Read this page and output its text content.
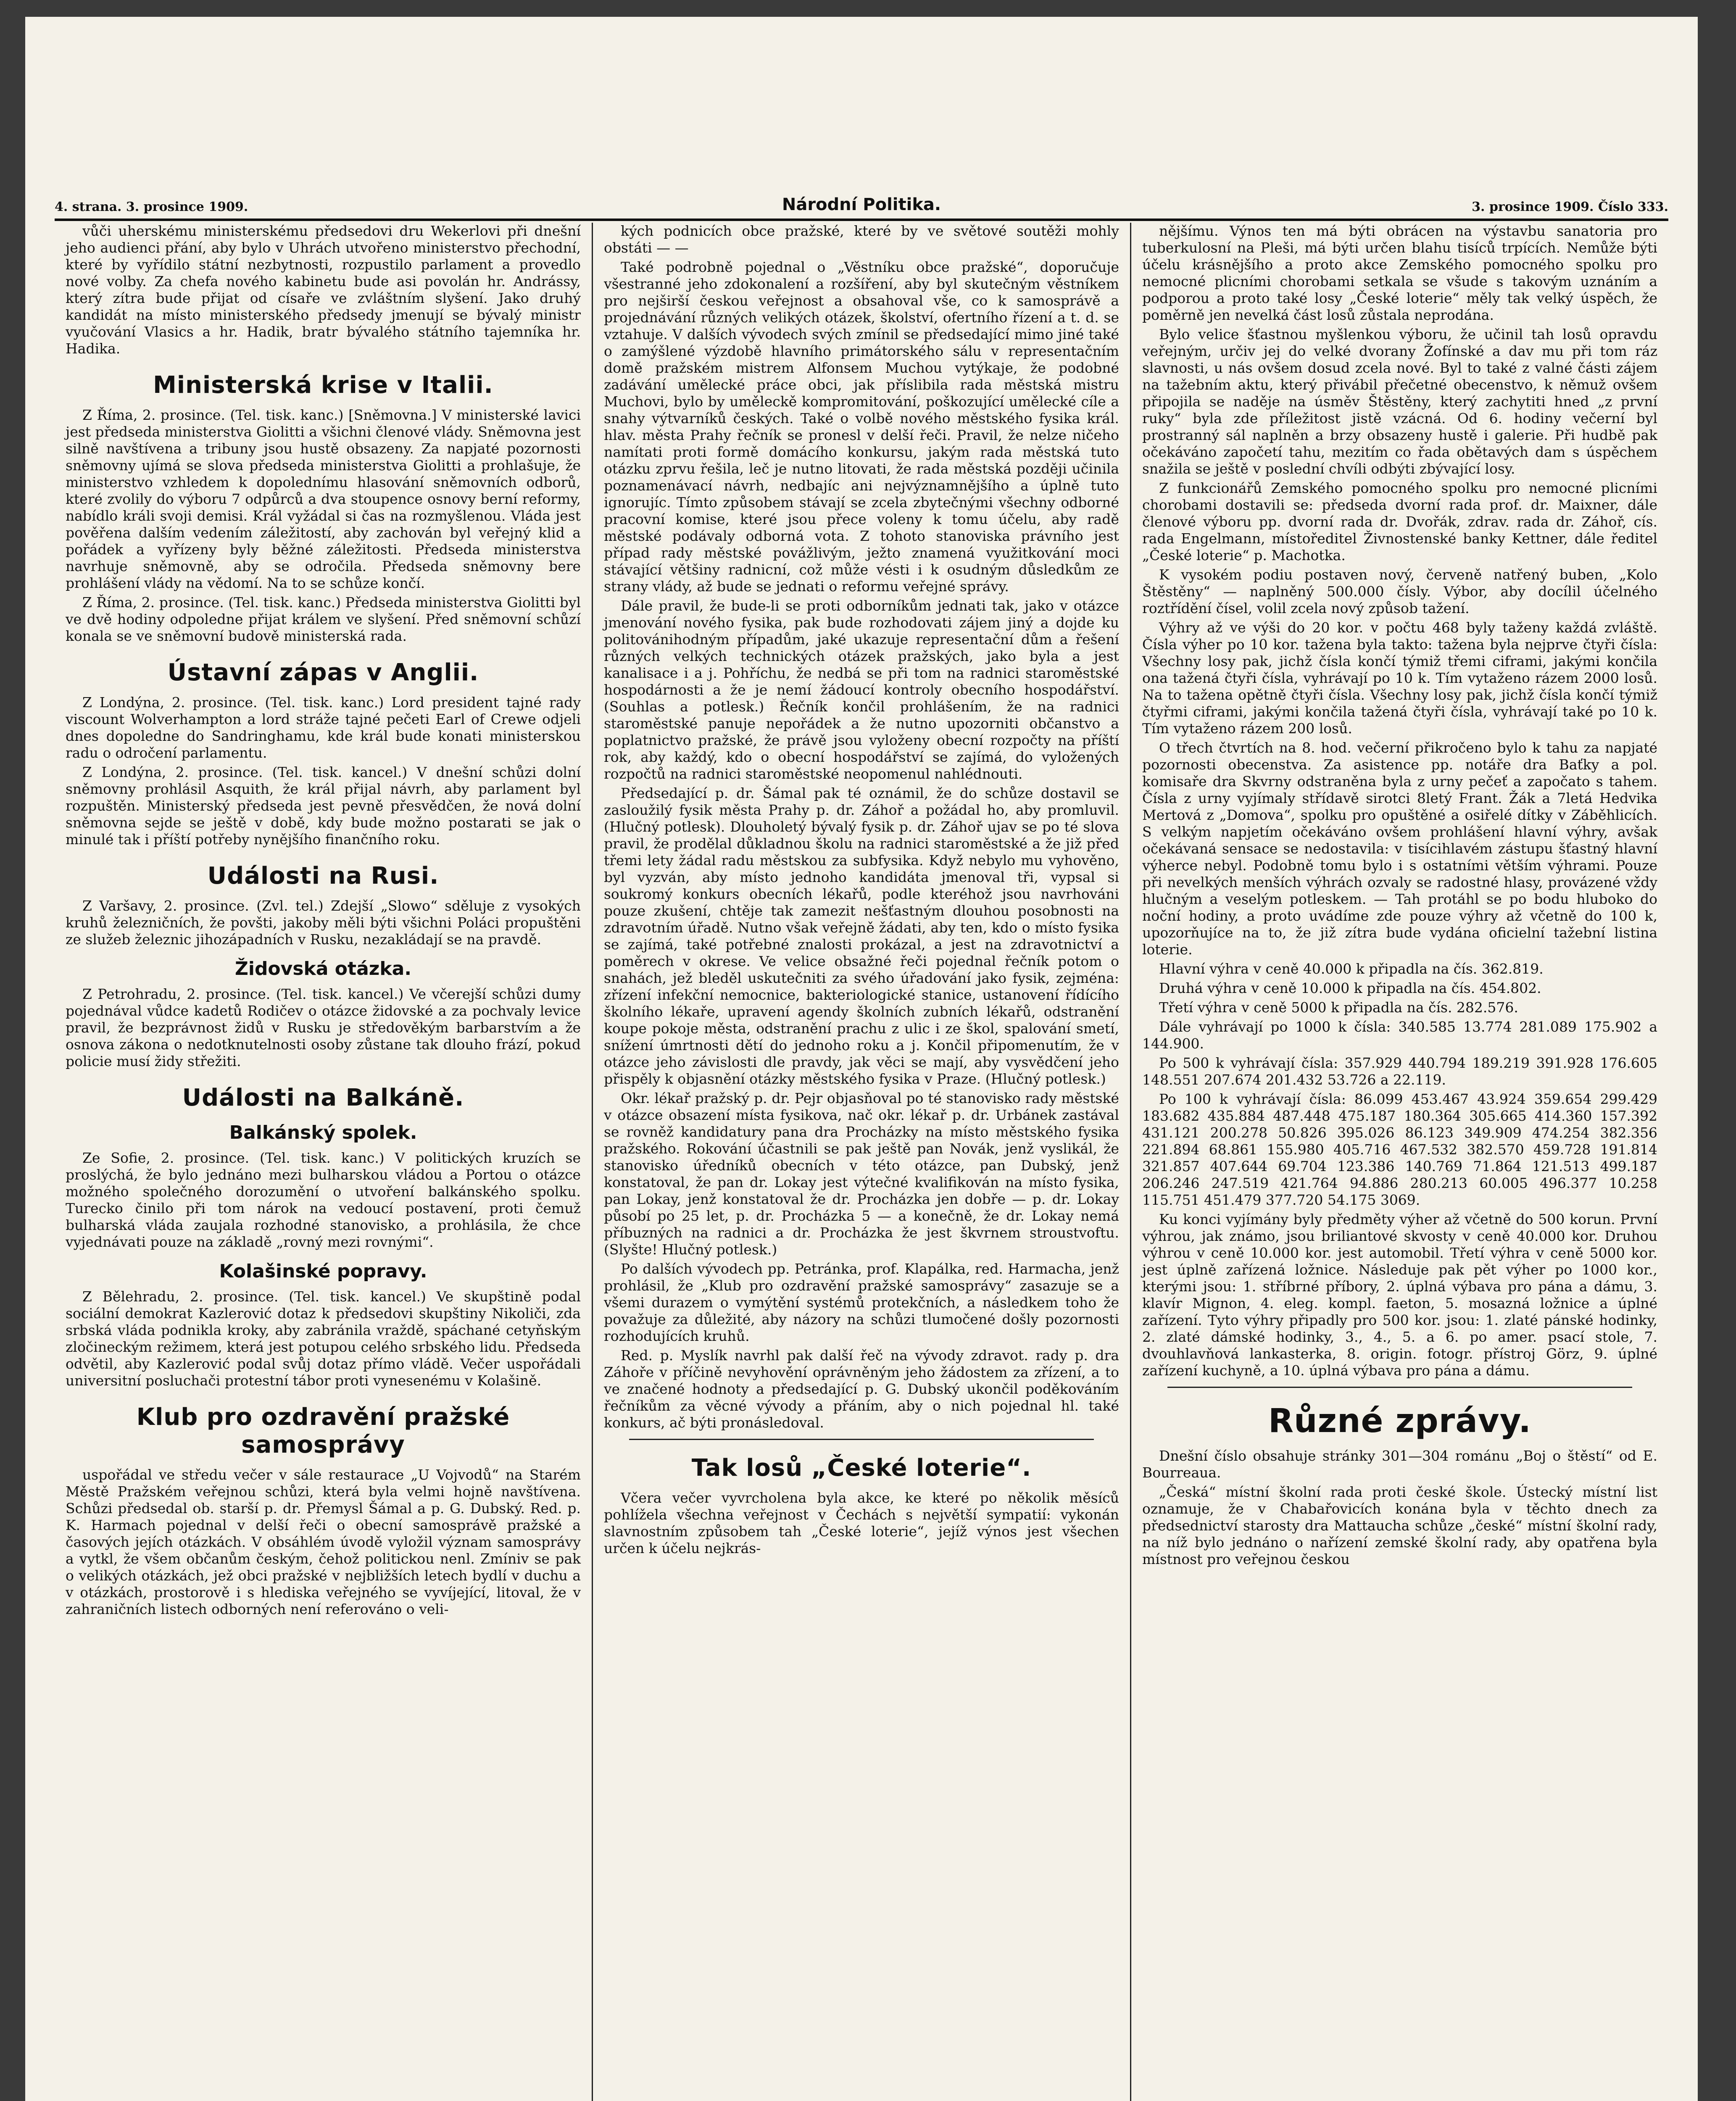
4. strana. 3. prosince 1909.	Národní Politika.	3. prosince 1909. Číslo 333.

vůči uherskému ministerskému předsedovi dru Wekerlovi při dnešní jeho audienci přání, aby bylo v Uhrách utvořeno ministerstvo přechodní, které by vyřídilo státní nezbytnosti, rozpustilo parlament a provedlo nové volby. Za chefa nového kabinetu bude asi povolán hr. Andrássy, který zítra bude přijat od císaře ve zvláštním slyšení. Jako druhý kandidát na místo ministerského předsedy jmenují se bývalý ministr vyučování Vlasics a hr. Hadik, bratr bývalého státního tajemníka hr. Hadika.

Ministerská krise v Italii.

Z Říma, 2. prosince. (Tel. tisk. kanc.) [Sněmovna.] V ministerské lavici jest předseda ministerstva Giolitti a všichni členové vlády. Sněmovna jest silně navštívena a tribuny jsou hustě obsazeny. Za napjaté pozornosti sněmovny ujímá se slova předseda ministerstva Giolitti a prohlašuje, že ministerstvo vzhledem k dopolednímu hlasování sněmovních odborů, které zvolily do výboru 7 odpůrců a dva stoupence osnovy berní reformy, nabídlo králi svoji demisi. Král vyžádal si čas na rozmyšlenou. Vláda jest pověřena dalším vedením záležitostí, aby zachován byl veřejný klid a pořádek a vyřízeny byly běžné záležitosti. Předseda ministerstva navrhuje sněmovně, aby se odročila. Předseda sněmovny bere prohlášení vlády na vědomí. Na to se schůze končí.

Z Říma, 2. prosince. (Tel. tisk. kanc.) Předseda ministerstva Giolitti byl ve dvě hodiny odpoledne přijat králem ve slyšení. Před sněmovní schůzí konala se ve sněmovní budově ministerská rada.

Ústavní zápas v Anglii.

Z Londýna, 2. prosince. (Tel. tisk. kanc.) Lord president tajné rady viscount Wolverhampton a lord stráže tajné pečeti Earl of Crewe odjeli dnes dopoledne do Sandringhamu, kde král bude konati ministerskou radu o odročení parlamentu.

Z Londýna, 2. prosince. (Tel. tisk. kancel.) V dnešní schůzi dolní sněmovny prohlásil Asquith, že král přijal návrh, aby parlament byl rozpuštěn. Ministerský předseda jest pevně přesvědčen, že nová dolní sněmovna sejde se ještě v době, kdy bude možno postarati se jak o minulé tak i příští potřeby nynějšího finančního roku.

Události na Rusi.

Z Varšavy, 2. prosince. (Zvl. tel.) Zdejší „Slowo“ sděluje z vysokých kruhů železničních, že povšti, jakoby měli býti všichni Poláci propuštěni ze služeb železnic jihozápadních v Rusku, nezakládají se na pravdě.

Židovská otázka.

Z Petrohradu, 2. prosince. (Tel. tisk. kancel.) Ve včerejší schůzi dumy pojednával vůdce kadetů Rodičev o otázce židovské a za pochvaly levice pravil, že bezprávnost židů v Rusku je středověkým barbarstvím a že osnova zákona o nedotknutelnosti osoby zůstane tak dlouho frází, pokud policie musí židy střežiti.

Události na Balkáně.
Balkánský spolek.

Ze Sofie, 2. prosince. (Tel. tisk. kanc.) V politických kruzích se proslýchá, že bylo jednáno mezi bulharskou vládou a Portou o otázce možného společného dorozumění o utvoření balkánského spolku. Turecko činilo při tom nárok na vedoucí postavení, proti čemuž bulharská vláda zaujala rozhodné stanovisko, a prohlásila, že chce vyjednávati pouze na základě „rovný mezi rovnými“.

Kolašinské popravy.

Z Bělehradu, 2. prosince. (Tel. tisk. kancel.) Ve skupštině podal sociální demokrat Kazlerović dotaz k předsedovi skupštiny Nikoliči, zda srbská vláda podnikla kroky, aby zabránila vraždě, spáchané cetyňským zločineckým režimem, která jest potupou celého srbského lidu. Předseda odvětil, aby Kazlerović podal svůj dotaz přímo vládě. Večer uspořádali universitní posluchači protestní tábor proti vynesenému v Kolašině.

Klub pro ozdravění pražské samosprávy

uspořádal ve středu večer v sále restaurace „U Vojvodů“ na Starém Městě Pražském veřejnou schůzi, která byla velmi hojně navštívena. Schůzi předsedal ob. starší p. dr. Přemysl Šámal a p. G. Dubský. Red. p. K. Harmach pojednal v delší řeči o obecní samosprávě pražské a časových jejích otázkách. V obsáhlém úvodě vyložil význam samosprávy a vytkl, že všem občanům českým, čehož politickou nenl. Zmíniv se pak o velikých otázkách, jež obci pražské v nejbližších letech bydlí v duchu a v otázkách, prostorově i s hlediska veřejného se vyvíjející, litoval, že v zahraničních listech odborných není referováno o veli-

kých podnicích obce pražské, které by ve světové soutěži mohly obstáti — —

Také podrobně pojednal o „Věstníku obce pražské“, doporučuje všestranné jeho zdokonalení a rozšíření, aby byl skutečným věstníkem pro nejširší českou veřejnost a obsahoval vše, co k samosprávě a projednávání různých velikých otázek, školství, ofertního řízení a t. d. se vztahuje. V dalších vývodech svých zmínil se předsedající mimo jiné také o zamýšlené výzdobě hlavního primátorského sálu v representačním domě pražském mistrem Alfonsem Muchou vytýkaje, že podobné zadávání umělecké práce obci, jak příslibila rada městská mistru Muchovi, bylo by uměleckě kompromitování, poškozující umělecké cíle a snahy výtvarníků českých. Také o volbě nového městského fysika král. hlav. města Prahy řečník se pronesl v delší řeči. Pravil, že nelze ničeho namítati proti formě domácího konkursu, jakým rada městská tuto otázku zprvu řešila, leč je nutno litovati, že rada městská později učinila poznamenávací návrh, nedbajíc ani nejvýznamnějšího a úplně tuto ignorujíc. Tímto způsobem stávají se zcela zbytečnými všechny odborné pracovní komise, které jsou přece voleny k tomu účelu, aby radě městské podávaly odborná vota. Z tohoto stanoviska právního jest případ rady městské povážlivým, ježto znamená využitkování moci stávající většiny radnicní, což může vésti i k osudným důsledkům ze strany vlády, až bude se jednati o reformu veřejné správy.

Dále pravil, že bude-li se proti odborníkům jednati tak, jako v otázce jmenování nového fysika, pak bude rozhodovati zájem jiný a dojde ku politovánihodným případům, jaké ukazuje representační dům a řešení různých velkých technických otázek pražských, jako byla a jest kanalisace i a j. Pohříchu, že nedbá se při tom na radnici staroměstské hospodárnosti a že je nemí žádoucí kontroly obecního hospodářství. (Souhlas a potlesk.) Řečník končil prohlášením, že na radnici staroměstské panuje nepořádek a že nutno upozorniti občanstvo a poplatnictvo pražské, že právě jsou vyloženy obecní rozpočty na příští rok, aby každý, kdo o obecní hospodářství se zajímá, do vyložených rozpočtů na radnici staroměstské neopomenul nahlédnouti.

Předsedající p. dr. Šámal pak té oznámil, že do schůze dostavil se zasloužilý fysik města Prahy p. dr. Záhoř a požádal ho, aby promluvil. (Hlučný potlesk). Dlouholetý bývalý fysik p. dr. Záhoř ujav se po té slova pravil, že prodělal důkladnou školu na radnici staroměstské a že již před třemi lety žádal radu městskou za subfysika. Když nebylo mu vyhověno, byl vyzván, aby místo jednoho kandidáta jmenoval tři, vypsal si soukromý konkurs obecních lékařů, podle kteréhož jsou navrhováni pouze zkušení, chtěje tak zamezit nešťastným dlouhou posobnosti na zdravotním úřadě. Nutno však veřejně žádati, aby ten, kdo o místo fysika se zajímá, také potřebné znalosti prokázal, a jest na zdravotnictví a poměrech v okrese. Ve velice obsažné řeči pojednal řečník potom o snahách, jež bleděl uskutečniti za svého úřadování jako fysik, zejména: zřízení infekční nemocnice, bakteriologické stanice, ustanovení řídícího školního lékaře, upravení agendy školních zubních lékařů, odstranění koupe pokoje města, odstranění prachu z ulic i ze škol, spalování smetí, snížení úmrtnosti dětí do jednoho roku a j. Končil připomenutím, že v otázce jeho závislosti dle pravdy, jak věci se mají, aby vysvědčení jeho přispěly k objasnění otázky městského fysika v Praze. (Hlučný potlesk.)

Okr. lékař pražský p. dr. Pejr objasňoval po té stanovisko rady městské v otázce obsazení místa fysikova, nač okr. lékař p. dr. Urbánek zastával se rovněž kandidatury pana dra Procházky na místo městského fysika pražského. Rokování účastnili se pak ještě pan Novák, jenž vyslikál, že stanovisko úředníků obecních v této otázce, pan Dubský, jenž konstatoval, že pan dr. Lokay jest výtečné kvalifikován na místo fysika, pan Lokay, jenž konstatoval že dr. Procházka jen dobře — p. dr. Lokay působí po 25 let, p. dr. Procházka 5 — a konečně, že dr. Lokay nemá příbuzných na radnici a dr. Procházka že jest škvrnem stroustvoftu. (Slyšte! Hlučný potlesk.)

Po dalších vývodech pp. Petránka, prof. Klapálka, red. Harmacha, jenž prohlásil, že „Klub pro ozdravění pražské samosprávy“ zasazuje se a všemi durazem o vymýtění systémů protekčních, a následkem toho že považuje za důležité, aby názory na schůzi tlumočené došly pozornosti rozhodujících kruhů.

Red. p. Myslík navrhl pak další řeč na vývody zdravot. rady p. dra Záhoře v příčině nevyhovění oprávněným jeho žádostem za zřízení, a to ve značené hodnoty a předsedající p. G. Dubský ukončil poděkováním řečníkům za věcné vývody a přáním, aby o nich pojednal hl. také konkurs, ač býti pronásledoval.

Tak losů „České loterie“.

Včera večer vyvrcholena byla akce, ke které po několik měsíců pohlížela všechna veřejnost v Čechách s největší sympatií: vykonán slavnostním způsobem tah „České loterie“, jejíž výnos jest všechen určen k účelu nejkrás-

nějšímu. Výnos ten má býti obrácen na výstavbu sanatoria pro tuberkulosní na Pleši, má býti určen blahu tisíců trpících. Nemůže býti účelu krásnějšího a proto akce Zemského pomocného spolku pro nemocné plicními chorobami setkala se všude s takovým uznáním a podporou a proto také losy „České loterie“ měly tak velký úspěch, že poměrně jen nevelká část losů zůstala neprodána.

Bylo velice šťastnou myšlenkou výboru, že učinil tah losů opravdu veřejným, určiv jej do velké dvorany Žofínské a dav mu při tom ráz slavnosti, u nás ovšem dosud zcela nové. Byl to také z valné části zájem na tažebním aktu, který přivábil přečetné obecenstvo, k němuž ovšem připojila se naděje na úsměv Štěstěny, který zachytiti hned „z první ruky“ byla zde příležitost jistě vzácná. Od 6. hodiny večerní byl prostranný sál naplněn a brzy obsazeny hustě i galerie. Při hudbě pak očekáváno započetí tahu, mezitím co řada obětavých dam s úspěchem snažila se ještě v poslední chvíli odbýti zbývající losy.

Z funkcionářů Zemského pomocného spolku pro nemocné plicními chorobami dostavili se: předseda dvorní rada prof. dr. Maixner, dále členové výboru pp. dvorní rada dr. Dvořák, zdrav. rada dr. Záhoř, cís. rada Engelmann, místoředitel Živnostenské banky Kettner, dále ředitel „České loterie“ p. Machotka.

K vysokém podiu postaven nový, červeně natřený buben, „Kolo Štěstěny“ — naplněný 500.000 čísly. Výbor, aby docílil účelného roztřídění čísel, volil zcela nový způsob tažení.

Výhry až ve výši do 20 kor. v počtu 468 byly taženy každá zvláště. Čísla výher po 10 kor. tažena byla takto: tažena byla nejprve čtyři čísla: Všechny losy pak, jichž čísla končí týmiž třemi ciframi, jakými končila ona tažená čtyři čísla, vyhrávají po 10 k. Tím vytaženo rázem 2000 losů. Na to tažena opětně čtyři čísla. Všechny losy pak, jichž čísla končí týmiž čtyřmi ciframi, jakými končila tažená čtyři čísla, vyhrávají také po 10 k. Tím vytaženo rázem 200 losů.

O třech čtvrtích na 8. hod. večerní přikročeno bylo k tahu za napjaté pozornosti obecenstva. Za asistence pp. notáře dra Baťky a pol. komisaře dra Skvrny odstraněna byla z urny pečeť a započato s tahem. Čísla z urny vyjímaly střídavě sirotci 8letý Frant. Žák a 7letá Hedvika Mertová z „Domova“, spolku pro opuštěné a osiřelé dítky v Záběhlicích. S velkým napjetím očekáváno ovšem prohlášení hlavní výhry, avšak očekávaná sensace se nedostavila: v tisícihlavém zástupu šťastný hlavní výherce nebyl. Podobně tomu bylo i s ostatními větším výhrami. Pouze při nevelkých menších výhrách ozvaly se radostné hlasy, provázené vždy hlučným a veselým potleskem. — Tah protáhl se po bodu hluboko do noční hodiny, a proto uvádíme zde pouze výhry až včetně do 100 k, upozorňujíce na to, že již zítra bude vydána oficielní tažební listina loterie.

Hlavní výhra v ceně 40.000 k připadla na čís. 362.819.

Druhá výhra v ceně 10.000 k připadla na čís. 454.802.

Třetí výhra v ceně 5000 k připadla na čís. 282.576.

Dále vyhrávají po 1000 k čísla: 340.585 13.774 281.089 175.902 a 144.900.

Po 500 k vyhrávají čísla: 357.929 440.794 189.219 391.928 176.605 148.551 207.674 201.432 53.726 a 22.119.

Po 100 k vyhrávají čísla: 86.099 453.467 43.924 359.654 299.429 183.682 435.884 487.448 475.187 180.364 305.665 414.360 157.392 431.121 200.278 50.826 395.026 86.123 349.909 474.254 382.356 221.894 68.861 155.980 405.716 467.532 382.570 459.728 191.814 321.857 407.644 69.704 123.386 140.769 71.864 121.513 499.187 206.246 247.519 421.764 94.886 280.213 60.005 496.377 10.258 115.751 451.479 377.720 54.175 3069.

Ku konci vyjímány byly předměty výher až včetně do 500 korun. První výhrou, jak známo, jsou briliantové skvosty v ceně 40.000 kor. Druhou výhrou v ceně 10.000 kor. jest automobil. Třetí výhra v ceně 5000 kor. jest úplně zařízená ložnice. Následuje pak pět výher po 1000 kor., kterými jsou: 1. stříbrné příbory, 2. úplná výbava pro pána a dámu, 3. klavír Mignon, 4. eleg. kompl. faeton, 5. mosazná ložnice a úplné zařízení. Tyto výhry připadly pro 500 kor. jsou: 1. zlaté pánské hodinky, 2. zlaté dámské hodinky, 3., 4., 5. a 6. po amer. psací stole, 7. dvouhlavňová lankasterka, 8. origin. fotogr. přístroj Görz, 9. úplné zařízení kuchyně, a 10. úplná výbava pro pána a dámu.

Různé zprávy.

Dnešní číslo obsahuje stránky 301—304 románu „Boj o štěstí“ od E. Bourreaua.

„Česká“ místní školní rada proti české škole. Ústecký místní list oznamuje, že v Chabařovicích konána byla v těchto dnech za předsednictví starosty dra Mattaucha schůze „české“ místní školní rady, na níž bylo jednáno o nařízení zemské školní rady, aby opatřena byla místnost pro veřejnou českou
